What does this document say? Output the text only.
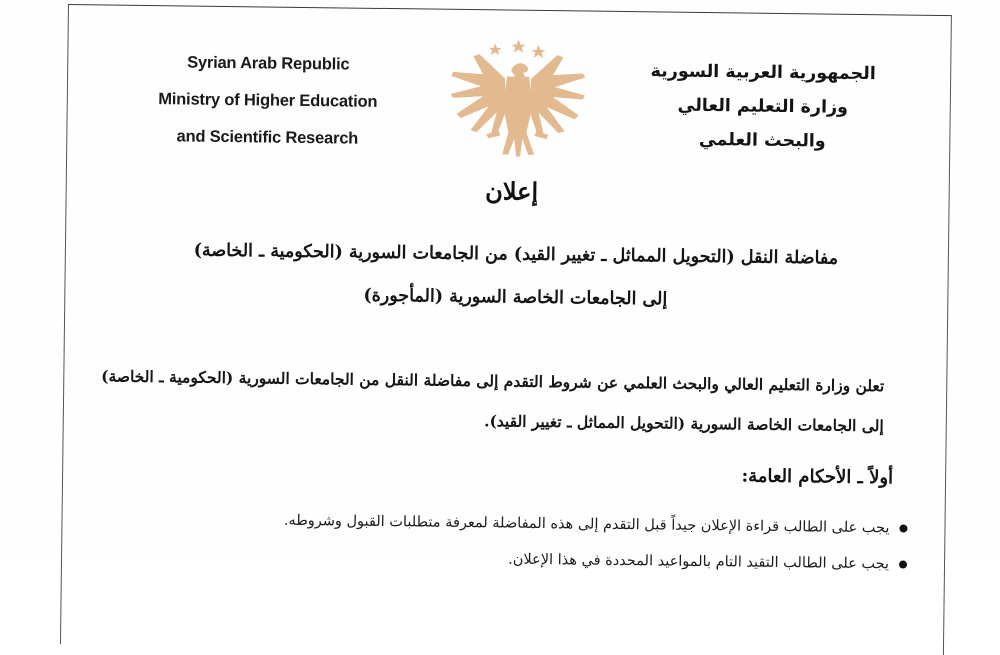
Syrian Arab Republic
Ministry of Higher Education
and Scientific Research
الجمهورية العربية السورية
وزارة التعليم العالي
والبحث العلمي
إعلان
مفاضلة النقل (التحويل المماثل ـ تغيير القيد) من الجامعات السورية (الحكومية ـ الخاصة)
إلى الجامعات الخاصة السورية (المأجورة)
تعلن وزارة التعليم العالي والبحث العلمي عن شروط التقدم إلى مفاضلة النقل من الجامعات السورية (الحكومية ـ الخاصة)
إلى الجامعات الخاصة السورية (التحويل المماثل ـ تغيير القيد).
أولاً ـ الأحكام العامة:
يجب على الطالب قراءة الإعلان جيداً قبل التقدم إلى هذه المفاضلة لمعرفة متطلبات القبول وشروطه.
يجب على الطالب التقيد التام بالمواعيد المحددة في هذا الإعلان.
